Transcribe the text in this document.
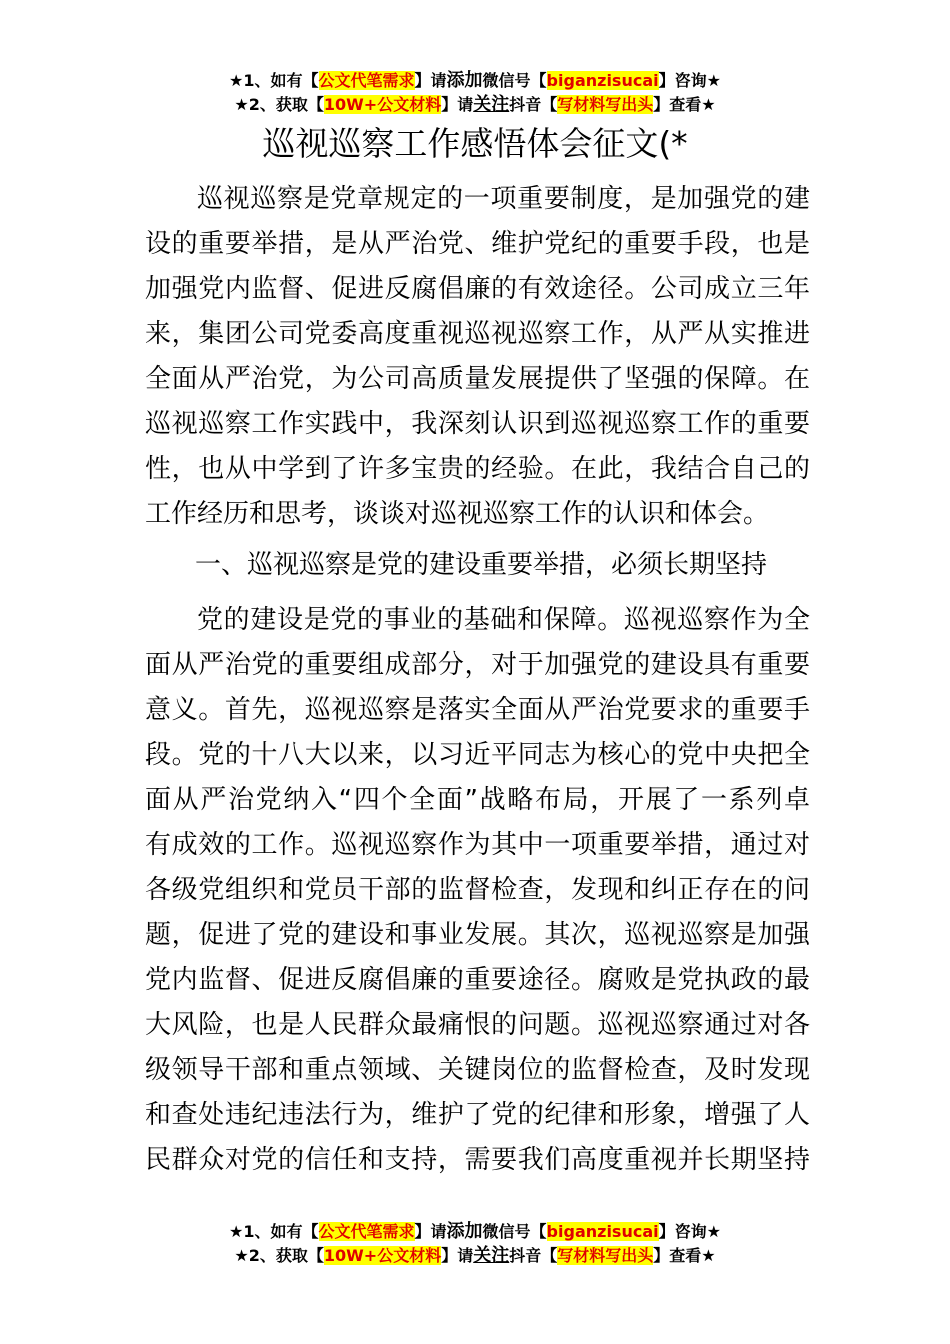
★1、如有【公文代笔需求】请添加微信号【biganzisucai】咨询★
★2、获取【10W+公文材料】请关注抖音【写材料写出头】查看★
巡视巡察工作感悟体会征文(*
巡视巡察是党章规定的一项重要制度，是加强党的建
设的重要举措，是从严治党、维护党纪的重要手段，也是
加强党内监督、促进反腐倡廉的有效途径。公司成立三年
来，集团公司党委高度重视巡视巡察工作，从严从实推进
全面从严治党，为公司高质量发展提供了坚强的保障。在
巡视巡察工作实践中，我深刻认识到巡视巡察工作的重要
性，也从中学到了许多宝贵的经验。在此，我结合自己的
工作经历和思考，谈谈对巡视巡察工作的认识和体会。
一、巡视巡察是党的建设重要举措，必须长期坚持
党的建设是党的事业的基础和保障。巡视巡察作为全
面从严治党的重要组成部分，对于加强党的建设具有重要
意义。首先，巡视巡察是落实全面从严治党要求的重要手
段。党的十八大以来，以习近平同志为核心的党中央把全
面从严治党纳入“四个全面”战略布局，开展了一系列卓
有成效的工作。巡视巡察作为其中一项重要举措，通过对
各级党组织和党员干部的监督检查，发现和纠正存在的问
题，促进了党的建设和事业发展。其次，巡视巡察是加强
党内监督、促进反腐倡廉的重要途径。腐败是党执政的最
大风险，也是人民群众最痛恨的问题。巡视巡察通过对各
级领导干部和重点领域、关键岗位的监督检查，及时发现
和查处违纪违法行为，维护了党的纪律和形象，增强了人
民群众对党的信任和支持，需要我们高度重视并长期坚持
★1、如有【公文代笔需求】请添加微信号【biganzisucai】咨询★
★2、获取【10W+公文材料】请关注抖音【写材料写出头】查看★
